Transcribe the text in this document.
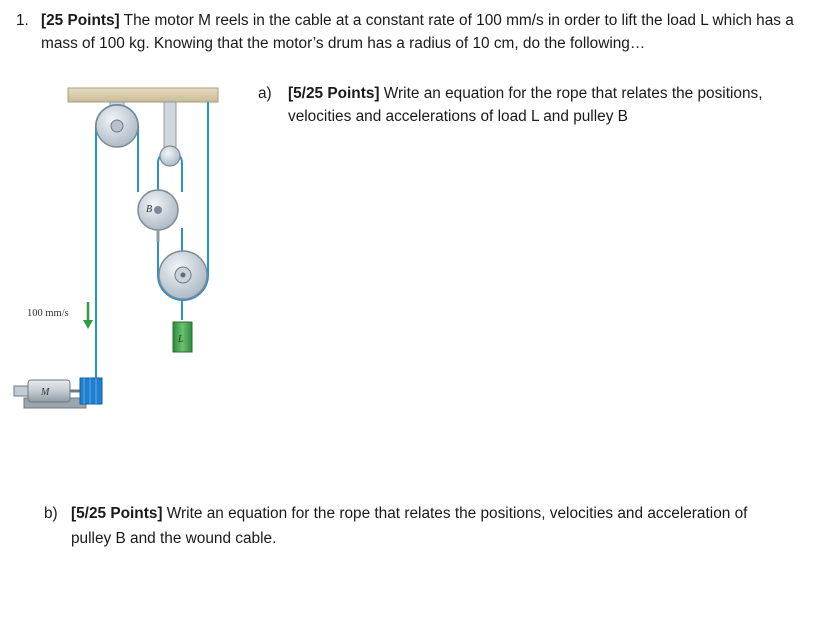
1. [25 Points] The motor M reels in the cable at a constant rate of 100 mm/s in order to lift the load L which has a mass of 100 kg. Knowing that the motor’s drum has a radius of 10 cm, do the following…
B
L
100 mm/s
M
a) [5/25 Points] Write an equation for the rope that relates the positions, velocities and accelerations of load L and pulley B
b) [5/25 Points] Write an equation for the rope that relates the positions, velocities and acceleration of pulley B and the wound cable.
